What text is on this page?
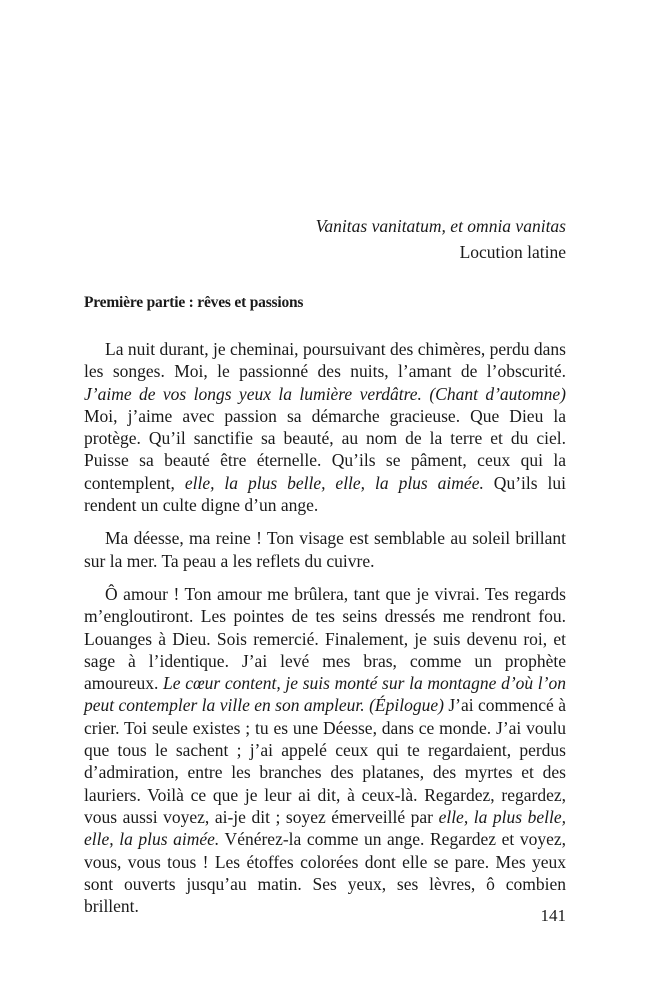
Vanitas vanitatum, et omnia vanitas
Locution latine
Première partie : rêves et passions

La nuit durant, je cheminai, poursuivant des chimères, perdu dans les songes. Moi, le passionné des nuits, l’amant de l’obscurité. J’aime de vos longs yeux la lumière verdâtre. (Chant d’automne) Moi, j’aime avec passion sa démarche gracieuse. Que Dieu la protège. Qu’il sanctifie sa beauté, au nom de la terre et du ciel. Puisse sa beauté être éternelle. Qu’ils se pâment, ceux qui la contemplent, elle, la plus belle, elle, la plus aimée. Qu’ils lui rendent un culte digne d’un ange.

Ma déesse, ma reine ! Ton visage est semblable au soleil brillant sur la mer. Ta peau a les reflets du cuivre.

Ô amour ! Ton amour me brûlera, tant que je vivrai. Tes regards m’engloutiront. Les pointes de tes seins dressés me rendront fou. Louanges à Dieu. Sois remercié. Finalement, je suis devenu roi, et sage à l’identique. J’ai levé mes bras, comme un prophète amoureux. Le cœur content, je suis monté sur la montagne d’où l’on peut contempler la ville en son ampleur. (Épilogue) J’ai commencé à crier. Toi seule existes ; tu es une Déesse, dans ce monde. J’ai voulu que tous le sachent ; j’ai appelé ceux qui te regardaient, perdus d’admiration, entre les branches des platanes, des myrtes et des lauriers. Voilà ce que je leur ai dit, à ceux-là. Regardez, regardez, vous aussi voyez, ai-je dit ; soyez émerveillé par elle, la plus belle, elle, la plus aimée. Vénérez-la comme un ange. Regardez et voyez, vous, vous tous ! Les étoffes colorées dont elle se pare. Mes yeux sont ouverts jusqu’au matin. Ses yeux, ses lèvres, ô combien brillent.	141
